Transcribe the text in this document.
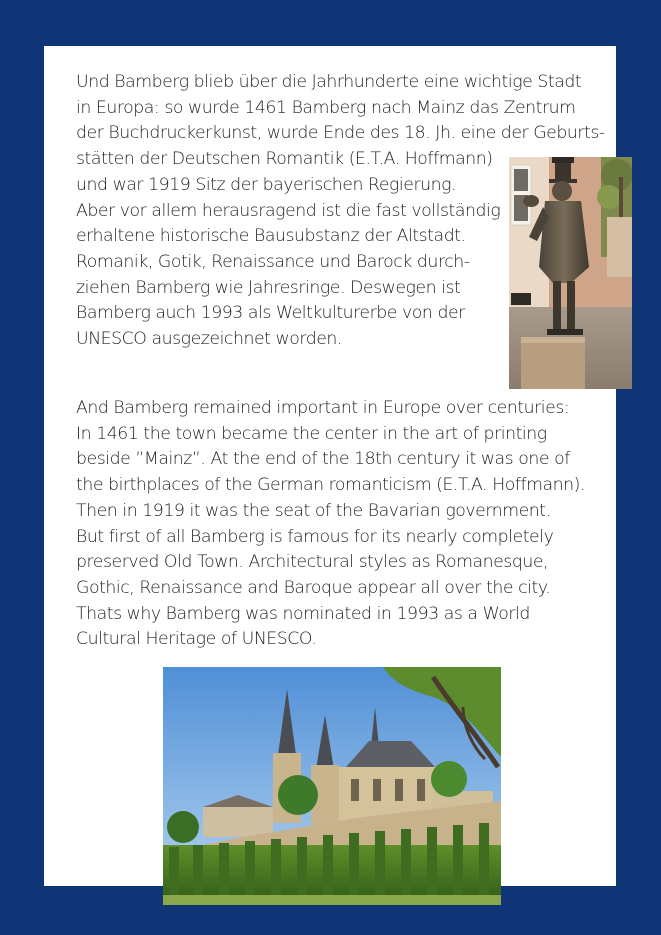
Und Bamberg blieb über die Jahrhunderte eine wichtige Stadt
in Europa: so wurde 1461 Bamberg nach Mainz das Zentrum
der Buchdruckerkunst, wurde Ende des 18. Jh. eine der Geburts-
stätten der Deutschen Romantik (E.T.A. Hoffmann)
und war 1919 Sitz der bayerischen Regierung.
Aber vor allem herausragend ist die fast vollständig
erhaltene historische Bausubstanz der Altstadt.
Romanik, Gotik, Renaissance und Barock durch-
ziehen Bamberg wie Jahresringe. Deswegen ist
Bamberg auch 1993 als Weltkulturerbe von der
UNESCO ausgezeichnet worden.

And Bamberg remained important in Europe over centuries:
In 1461 the town became the center in the art of printing
beside ”Mainz”. At the end of the 18th century it was one of
the birthplaces of the German romanticism (E.T.A. Hoffmann).
Then in 1919 it was the seat of the Bavarian government.
But first of all Bamberg is famous for its nearly completely
preserved Old Town. Architectural styles as Romanesque,
Gothic, Renaissance and Baroque appear all over the city.
Thats why Bamberg was nominated in 1993 as a World
Cultural Heritage of UNESCO.
